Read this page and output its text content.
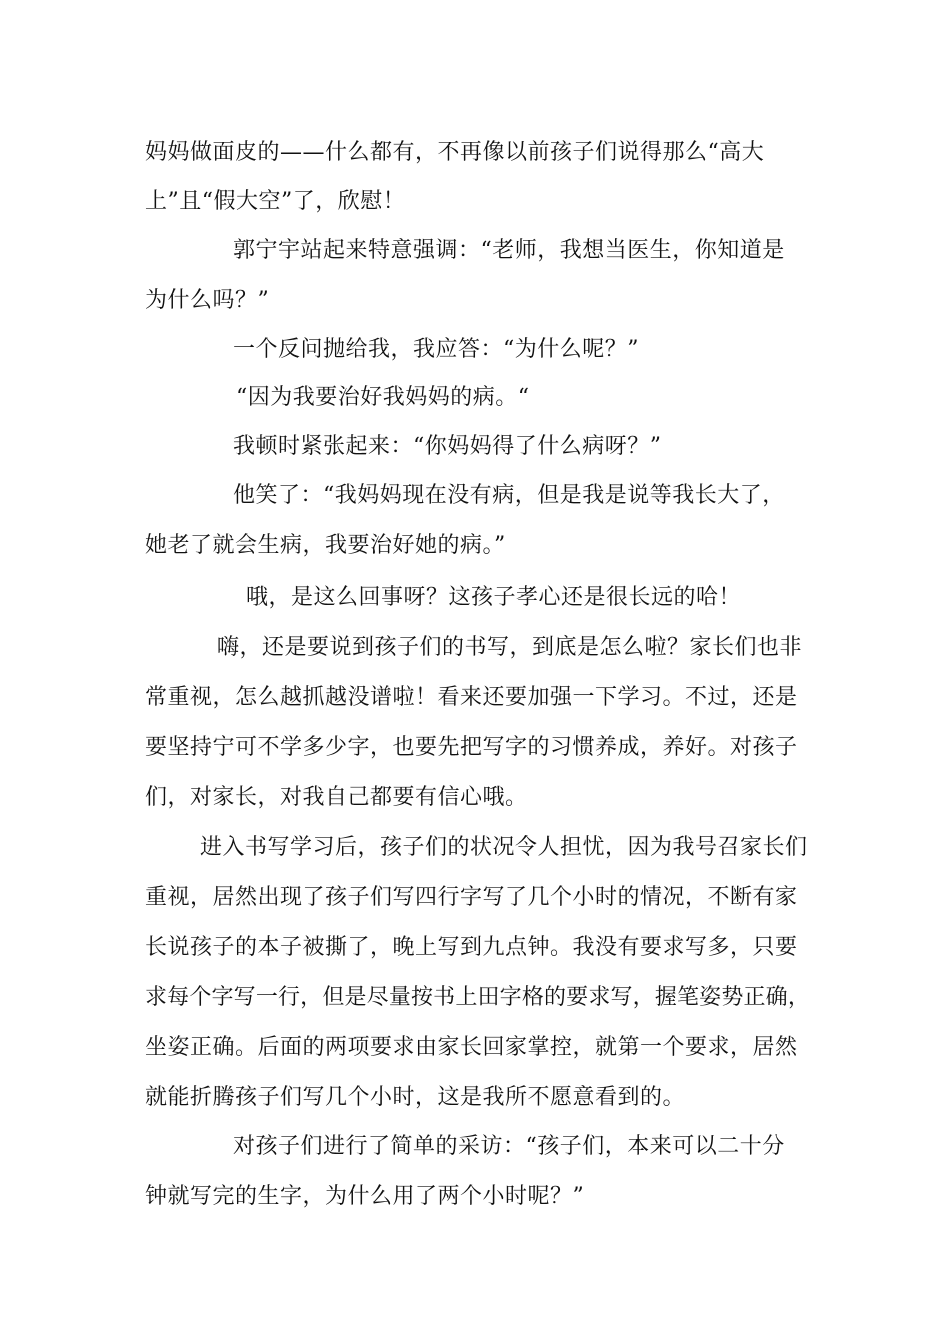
妈妈做面皮的——什么都有，不再像以前孩子们说得那么“高大
上”且“假大空”了，欣慰！
郭宁宇站起来特意强调：“老师，我想当医生，你知道是
为什么吗？”
一个反问抛给我，我应答：“为什么呢？”
“因为我要治好我妈妈的病。“
我顿时紧张起来：“你妈妈得了什么病呀？”
他笑了：“我妈妈现在没有病，但是我是说等我长大了，
她老了就会生病，我要治好她的病。”
哦，是这么回事呀？这孩子孝心还是很长远的哈！
嗨，还是要说到孩子们的书写，到底是怎么啦？家长们也非
常重视，怎么越抓越没谱啦！看来还要加强一下学习。不过，还是
要坚持宁可不学多少字，也要先把写字的习惯养成，养好。对孩子
们，对家长，对我自己都要有信心哦。
进入书写学习后，孩子们的状况令人担忧，因为我号召家长们
重视，居然出现了孩子们写四行字写了几个小时的情况，不断有家
长说孩子的本子被撕了，晚上写到九点钟。我没有要求写多，只要
求每个字写一行，但是尽量按书上田字格的要求写，握笔姿势正确，
坐姿正确。后面的两项要求由家长回家掌控，就第一个要求，居然
就能折腾孩子们写几个小时，这是我所不愿意看到的。
对孩子们进行了简单的采访：“孩子们，本来可以二十分
钟就写完的生字，为什么用了两个小时呢？”
